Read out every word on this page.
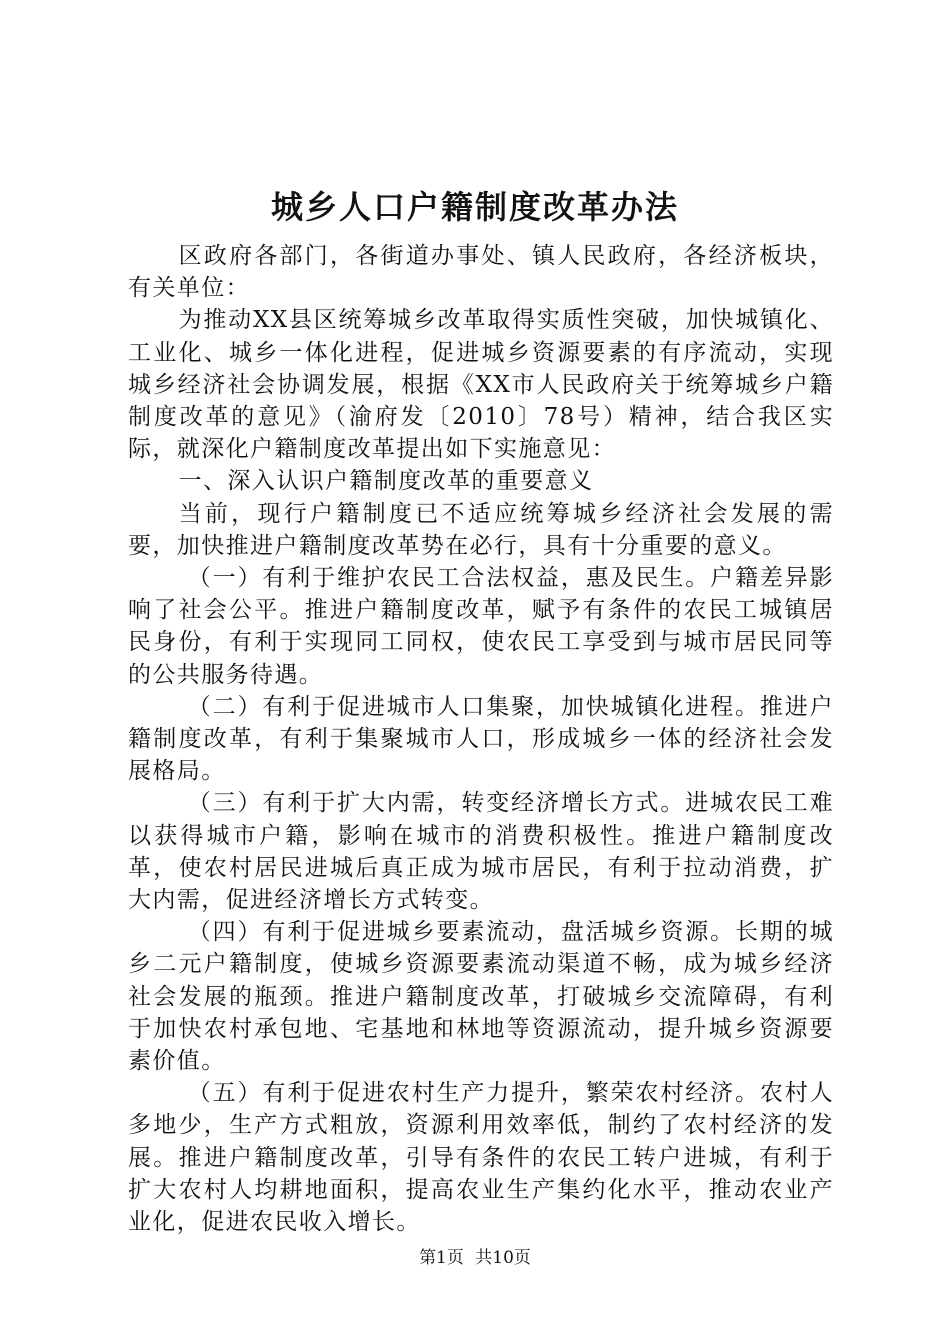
城乡人口户籍制度改革办法

区政府各部门，各街道办事处、镇人民政府，各经济板块，有关单位：

为推动XX县区统筹城乡改革取得实质性突破，加快城镇化、工业化、城乡一体化进程，促进城乡资源要素的有序流动，实现城乡经济社会协调发展，根据《XX市人民政府关于统筹城乡户籍制度改革的意见》（渝府发〔2010〕78号）精神，结合我区实际，就深化户籍制度改革提出如下实施意见：

一、深入认识户籍制度改革的重要意义

当前，现行户籍制度已不适应统筹城乡经济社会发展的需要，加快推进户籍制度改革势在必行，具有十分重要的意义。

（一）有利于维护农民工合法权益，惠及民生。户籍差异影响了社会公平。推进户籍制度改革，赋予有条件的农民工城镇居民身份，有利于实现同工同权，使农民工享受到与城市居民同等的公共服务待遇。

（二）有利于促进城市人口集聚，加快城镇化进程。推进户籍制度改革，有利于集聚城市人口，形成城乡一体的经济社会发展格局。

（三）有利于扩大内需，转变经济增长方式。进城农民工难以获得城市户籍，影响在城市的消费积极性。推进户籍制度改革，使农村居民进城后真正成为城市居民，有利于拉动消费，扩大内需，促进经济增长方式转变。

（四）有利于促进城乡要素流动，盘活城乡资源。长期的城乡二元户籍制度，使城乡资源要素流动渠道不畅，成为城乡经济社会发展的瓶颈。推进户籍制度改革，打破城乡交流障碍，有利于加快农村承包地、宅基地和林地等资源流动，提升城乡资源要素价值。

（五）有利于促进农村生产力提升，繁荣农村经济。农村人多地少，生产方式粗放，资源利用效率低，制约了农村经济的发展。推进户籍制度改革，引导有条件的农民工转户进城，有利于扩大农村人均耕地面积，提高农业生产集约化水平，推动农业产业化，促进农民收入增长。

第1页 共10页
